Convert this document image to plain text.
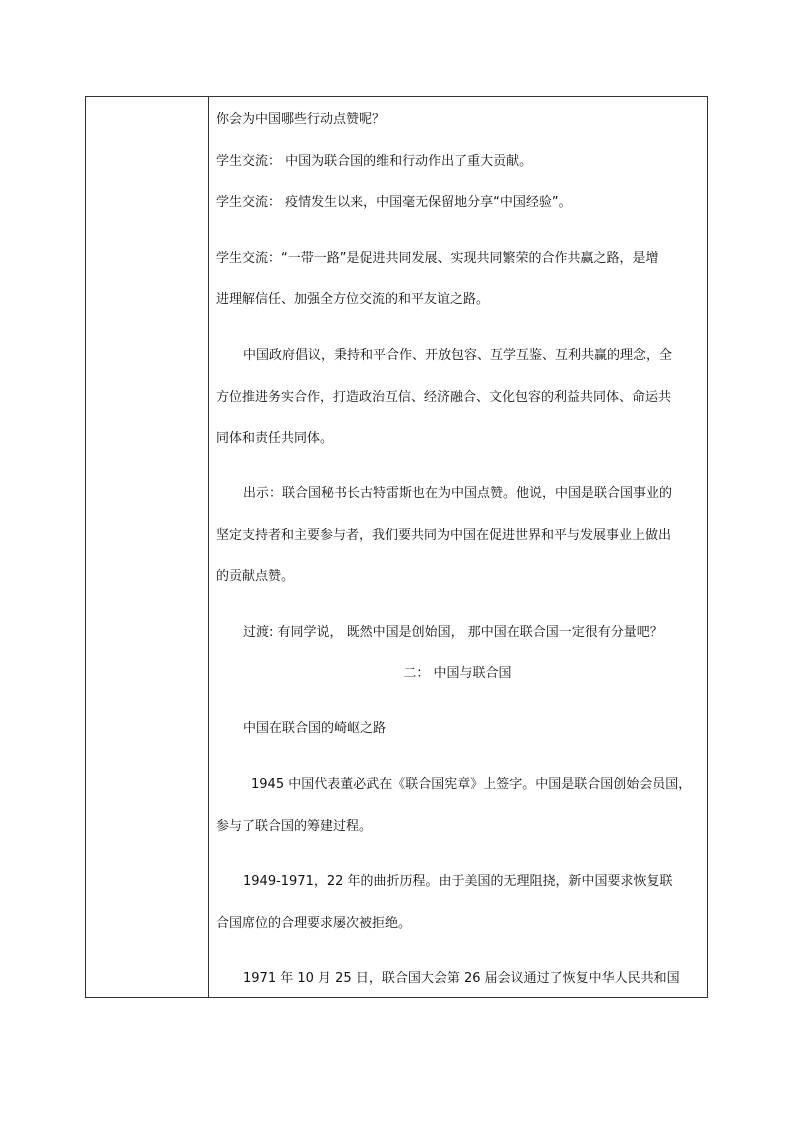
你会为中国哪些行动点赞呢？
学生交流： 中国为联合国的维和行动作出了重大贡献。
学生交流： 疫情发生以来，中国毫无保留地分享“中国经验”。
学生交流：“一带一路”是促进共同发展、实现共同繁荣的合作共赢之路，是增
进理解信任、加强全方位交流的和平友谊之路。
中国政府倡议，秉持和平合作、开放包容、互学互鉴、互利共赢的理念，全
方位推进务实合作，打造政治互信、经济融合、文化包容的利益共同体、命运共
同体和责任共同体。
出示：联合国秘书长古特雷斯也在为中国点赞。他说，中国是联合国事业的
坚定支持者和主要参与者，我们要共同为中国在促进世界和平与发展事业上做出
的贡献点赞。
过渡: 有同学说， 既然中国是创始国， 那中国在联合国一定很有分量吧？
二： 中国与联合国
中国在联合国的崎岖之路
1945 中国代表董必武在《联合国宪章》上签字。中国是联合国创始会员国，
参与了联合国的筹建过程。
1949-1971，22 年的曲折历程。由于美国的无理阻挠，新中国要求恢复联
合国席位的合理要求屡次被拒绝。
1971 年 10 月 25 日，联合国大会第 26 届会议通过了恢复中华人民共和国
